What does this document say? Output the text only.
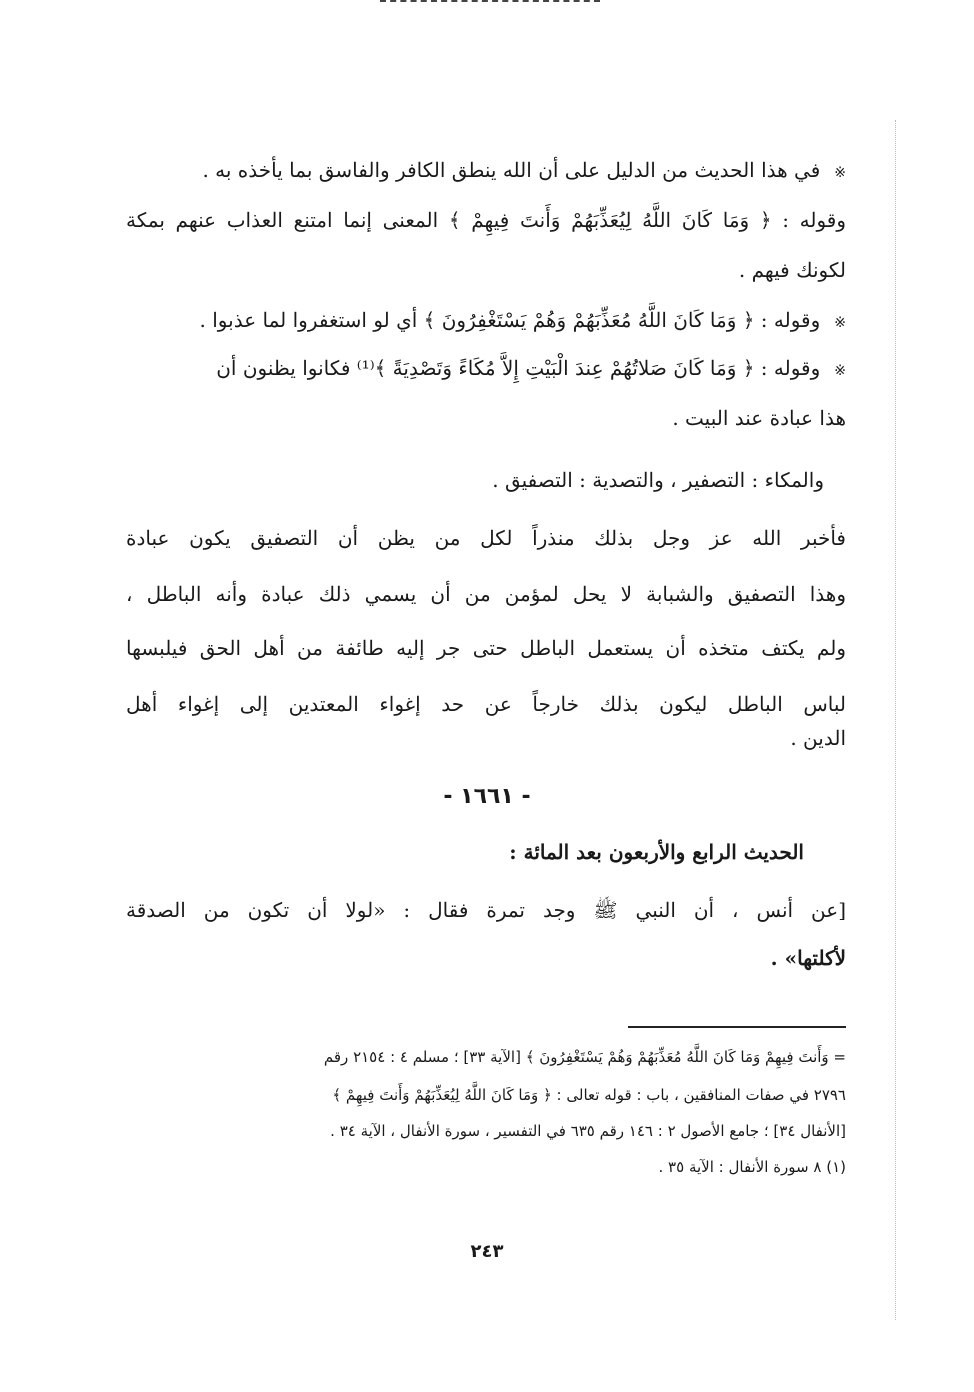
※في هذا الحديث من الدليل على أن الله ينطق الكافر والفاسق بما يأخذه به .
وقوله : ﴿ وَمَا كَانَ اللَّهُ لِيُعَذِّبَهُمْ وَأَنتَ فِيهِمْ ﴾ المعنى إنما امتنع العذاب عنهم بمكة
لكونك فيهم .
※وقوله : ﴿ وَمَا كَانَ اللَّهُ مُعَذِّبَهُمْ وَهُمْ يَسْتَغْفِرُونَ ﴾ أي لو استغفروا لما عذبوا .
※وقوله : ﴿ وَمَا كَانَ صَلاتُهُمْ عِندَ الْبَيْتِ إِلاَّ مُكَاءً وَتَصْدِيَةً ﴾⁽¹⁾ فكانوا يظنون أن
هذا عبادة عند البيت .
والمكاء : التصفير ، والتصدية : التصفيق .
فأخبر الله عز وجل بذلك منذراً لكل من يظن أن التصفيق يكون عبادة
وهذا التصفيق والشبابة لا يحل لمؤمن من أن يسمي ذلك عبادة وأنه الباطل ،
ولم يكتف متخذه أن يستعمل الباطل حتى جر إليه طائفة من أهل الحق فيلبسها
لباس الباطل ليكون بذلك خارجاً عن حد إغواء المعتدين إلى إغواء أهل
الدين .
- ١٦٦١ -
الحديث الرابع والأربعون بعد المائة :
[عن أنس ، أن النبي ﷺ وجد تمرة فقال : «لولا أن تكون من الصدقة
لأكلتها» .
= وَأَنتَ فِيهِمْ وَمَا كَانَ اللَّهُ مُعَذِّبَهُمْ وَهُمْ يَسْتَغْفِرُونَ ﴾ [الآية ٣٣] ؛ مسلم ٤ : ٢١٥٤ رقم
٢٧٩٦ في صفات المنافقين ، باب : قوله تعالى : ﴿ وَمَا كَانَ اللَّهُ لِيُعَذِّبَهُمْ وَأَنتَ فِيهِمْ ﴾
[الأنفال ٣٤] ؛ جامع الأصول ٢ : ١٤٦ رقم ٦٣٥ في التفسير ، سورة الأنفال ، الآية ٣٤ .
(١) ٨ سورة الأنفال : الآية ٣٥ .
٢٤٣
